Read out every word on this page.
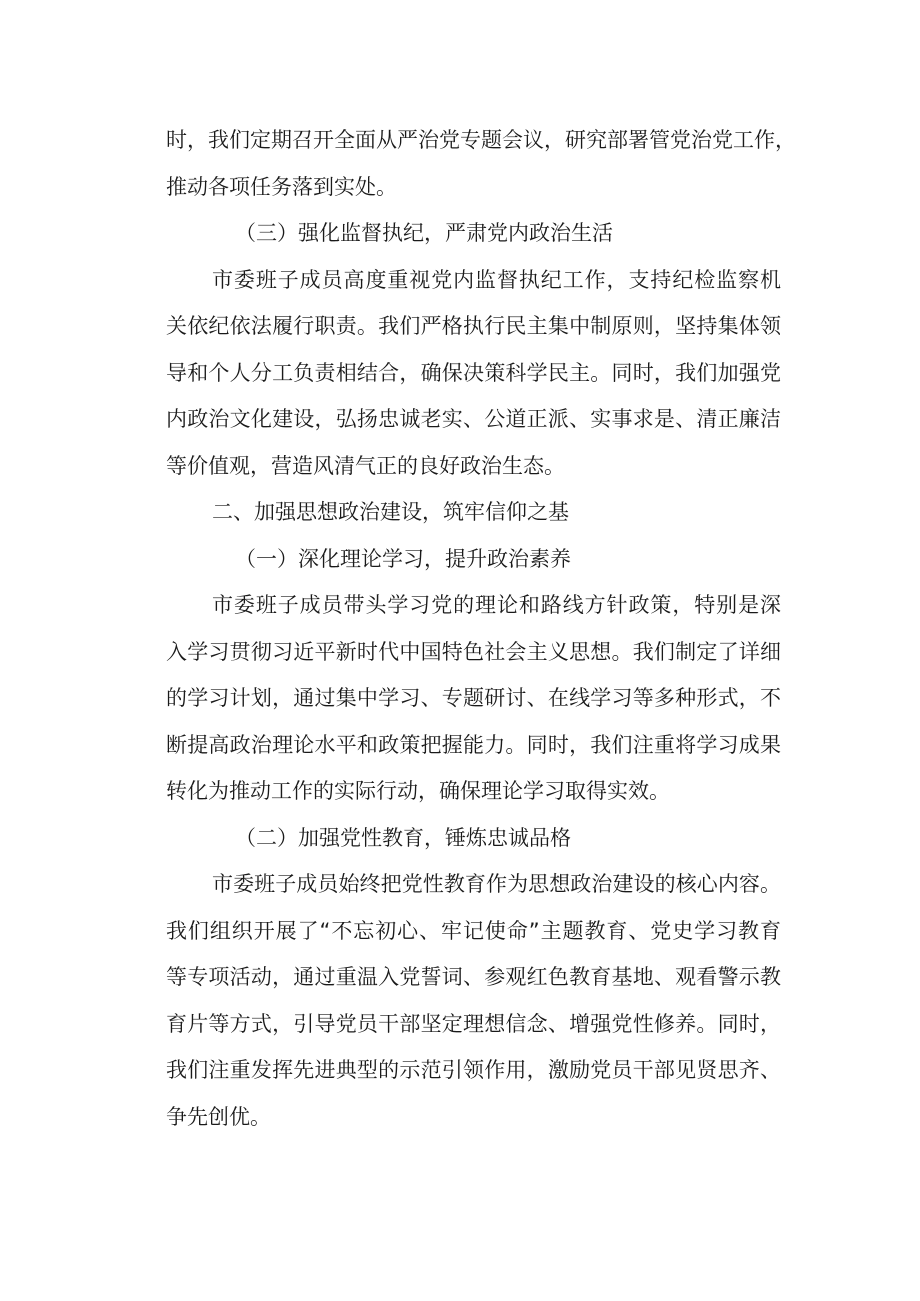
时，我们定期召开全面从严治党专题会议，研究部署管党治党工作，
推动各项任务落到实处。
（三）强化监督执纪，严肃党内政治生活
市委班子成员高度重视党内监督执纪工作，支持纪检监察机
关依纪依法履行职责。我们严格执行民主集中制原则，坚持集体领
导和个人分工负责相结合，确保决策科学民主。同时，我们加强党
内政治文化建设，弘扬忠诚老实、公道正派、实事求是、清正廉洁
等价值观，营造风清气正的良好政治生态。
二、加强思想政治建设，筑牢信仰之基
（一）深化理论学习，提升政治素养
市委班子成员带头学习党的理论和路线方针政策，特别是深
入学习贯彻习近平新时代中国特色社会主义思想。我们制定了详细
的学习计划，通过集中学习、专题研讨、在线学习等多种形式，不
断提高政治理论水平和政策把握能力。同时，我们注重将学习成果
转化为推动工作的实际行动，确保理论学习取得实效。
（二）加强党性教育，锤炼忠诚品格
市委班子成员始终把党性教育作为思想政治建设的核心内容。
我们组织开展了“不忘初心、牢记使命”主题教育、党史学习教育
等专项活动，通过重温入党誓词、参观红色教育基地、观看警示教
育片等方式，引导党员干部坚定理想信念、增强党性修养。同时，
我们注重发挥先进典型的示范引领作用，激励党员干部见贤思齐、
争先创优。
